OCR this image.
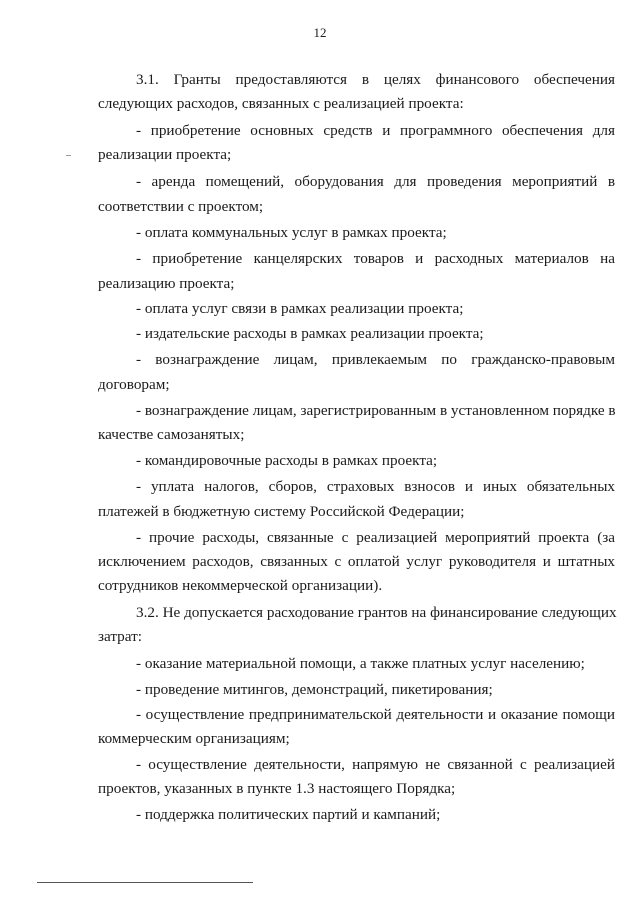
12
3.1. Гранты предоставляются в целях финансового обеспечения
следующих расходов, связанных с реализацией проекта:
- приобретение основных средств и программного обеспечения для
реализации проекта;
- аренда помещений, оборудования для проведения мероприятий в
соответствии с проектом;
- оплата коммунальных услуг в рамках проекта;
- приобретение канцелярских товаров и расходных материалов на
реализацию проекта;
- оплата услуг связи в рамках реализации проекта;
- издательские расходы в рамках реализации проекта;
- вознаграждение лицам, привлекаемым по гражданско-правовым
договорам;
- вознаграждение лицам, зарегистрированным в установленном порядке в
качестве самозанятых;
- командировочные расходы в рамках проекта;
- уплата налогов, сборов, страховых взносов и иных обязательных
платежей в бюджетную систему Российской Федерации;
- прочие расходы, связанные с реализацией мероприятий проекта (за
исключением расходов, связанных с оплатой услуг руководителя и штатных
сотрудников некоммерческой организации).
3.2. Не допускается расходование грантов на финансирование следующих
затрат:
- оказание материальной помощи, а также платных услуг населению;
- проведение митингов, демонстраций, пикетирования;
- осуществление предпринимательской деятельности и оказание помощи
коммерческим организациям;
- осуществление деятельности, напрямую не связанной с реализацией
проектов, указанных в пункте 1.3 настоящего Порядка;
- поддержка политических партий и кампаний;
